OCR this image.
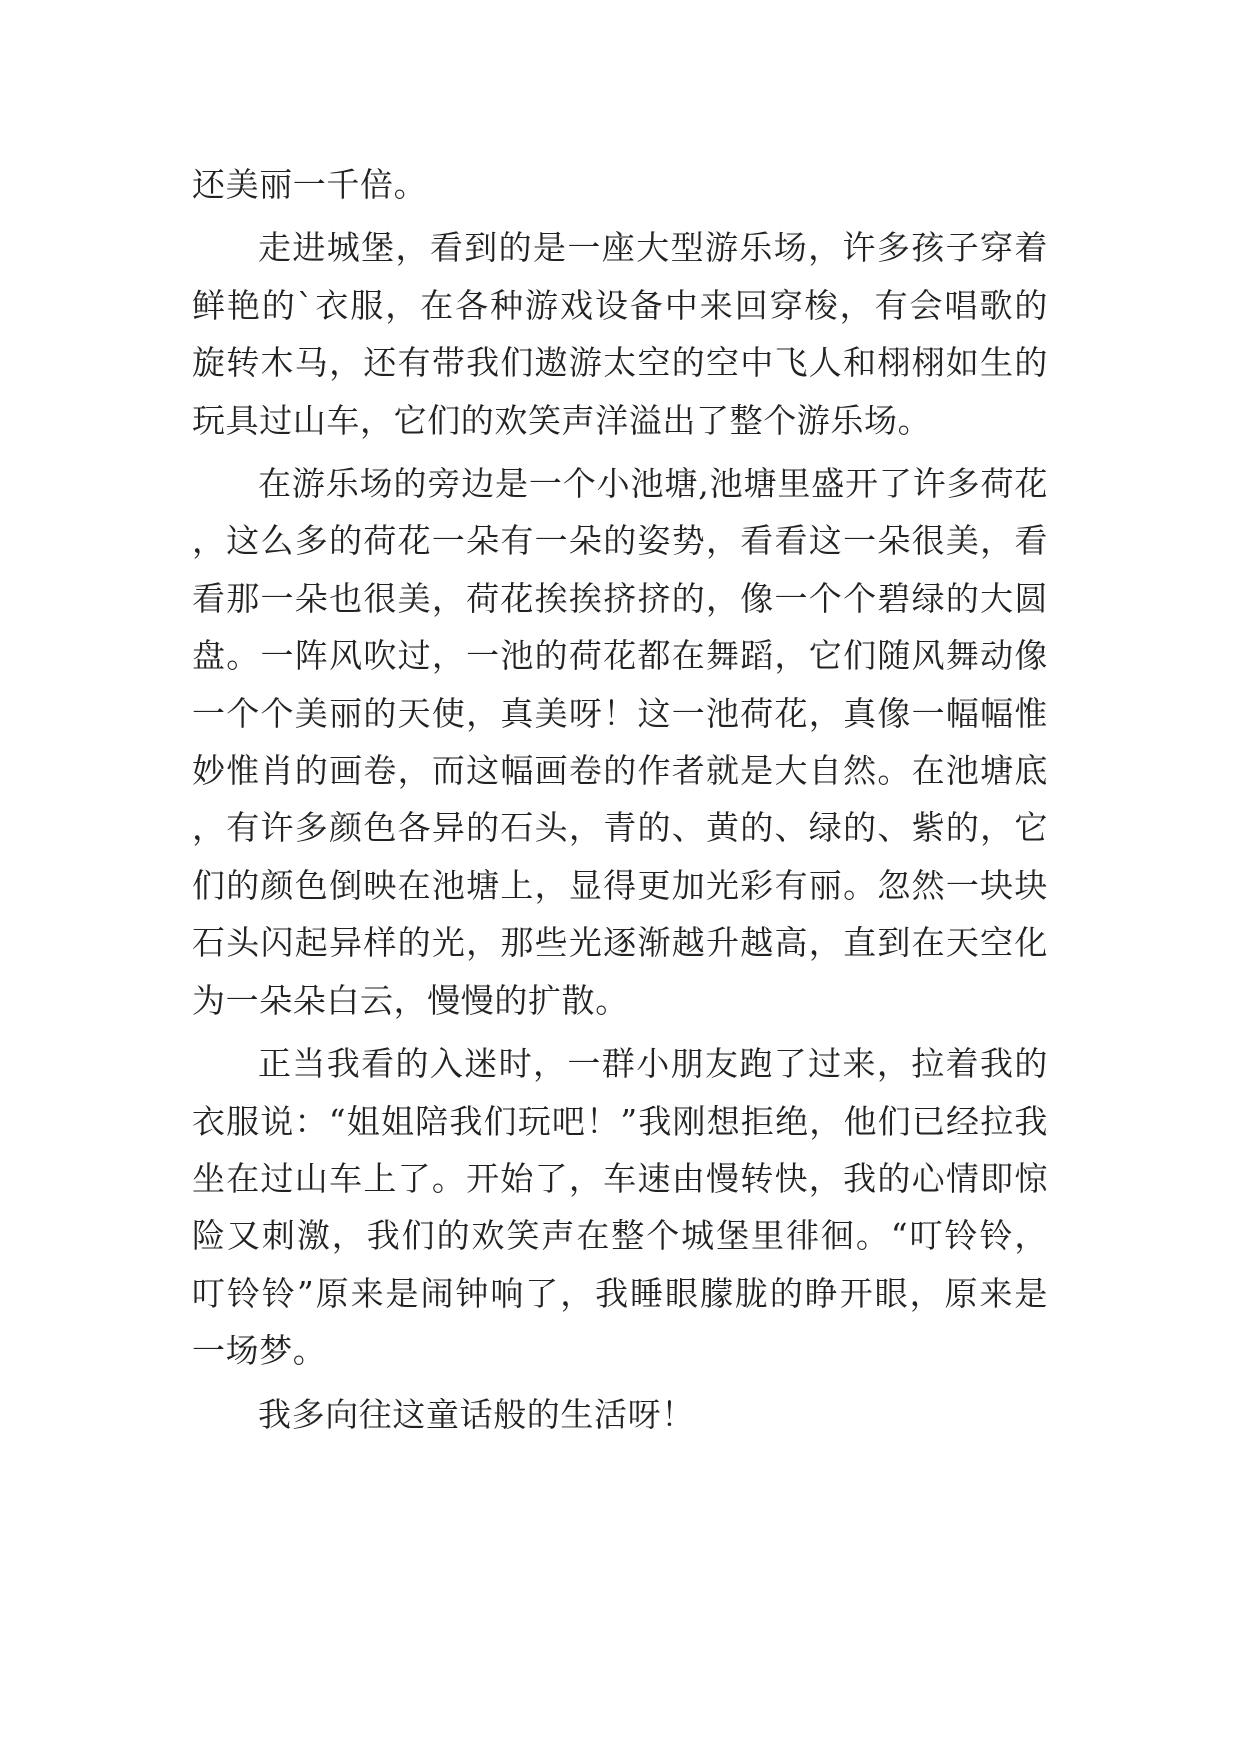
还美丽一千倍。

走进城堡，看到的是一座大型游乐场，许多孩子穿着鲜艳的`衣服，在各种游戏设备中来回穿梭，有会唱歌的旋转木马，还有带我们遨游太空的空中飞人和栩栩如生的玩具过山车，它们的欢笑声洋溢出了整个游乐场。

在游乐场的旁边是一个小池塘,池塘里盛开了许多荷花，这么多的荷花一朵有一朵的姿势，看看这一朵很美，看看那一朵也很美，荷花挨挨挤挤的，像一个个碧绿的大圆盘。一阵风吹过，一池的荷花都在舞蹈，它们随风舞动像一个个美丽的天使，真美呀！这一池荷花，真像一幅幅惟妙惟肖的画卷，而这幅画卷的作者就是大自然。在池塘底，有许多颜色各异的石头，青的、黄的、绿的、紫的，它们的颜色倒映在池塘上，显得更加光彩有丽。忽然一块块石头闪起异样的光，那些光逐渐越升越高，直到在天空化为一朵朵白云，慢慢的扩散。

正当我看的入迷时，一群小朋友跑了过来，拉着我的衣服说：“姐姐陪我们玩吧！”我刚想拒绝，他们已经拉我坐在过山车上了。开始了，车速由慢转快，我的心情即惊险又刺激，我们的欢笑声在整个城堡里徘徊。“叮铃铃，叮铃铃”原来是闹钟响了，我睡眼朦胧的睁开眼，原来是一场梦。

我多向往这童话般的生活呀！
